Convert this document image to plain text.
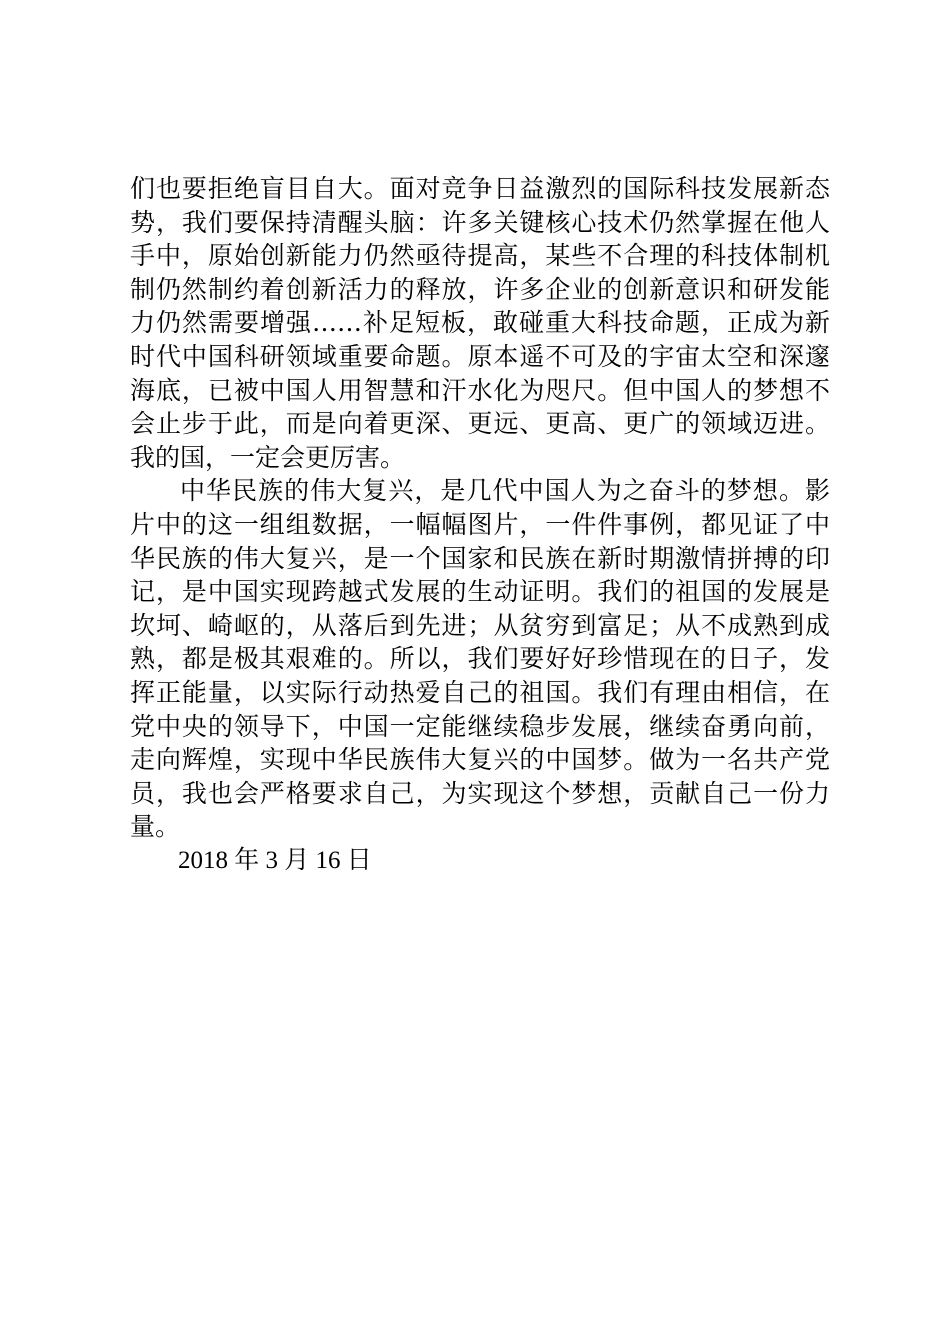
们也要拒绝盲目自大。面对竞争日益激烈的国际科技发展新态
势，我们要保持清醒头脑：许多关键核心技术仍然掌握在他人
手中，原始创新能力仍然亟待提高，某些不合理的科技体制机
制仍然制约着创新活力的释放，许多企业的创新意识和研发能
力仍然需要增强……补足短板，敢碰重大科技命题，正成为新
时代中国科研领域重要命题。原本遥不可及的宇宙太空和深邃
海底，已被中国人用智慧和汗水化为咫尺。但中国人的梦想不
会止步于此，而是向着更深、更远、更高、更广的领域迈进。
我的国，一定会更厉害。
中华民族的伟大复兴，是几代中国人为之奋斗的梦想。影
片中的这一组组数据，一幅幅图片，一件件事例，都见证了中
华民族的伟大复兴，是一个国家和民族在新时期激情拼搏的印
记，是中国实现跨越式发展的生动证明。我们的祖国的发展是
坎坷、崎岖的，从落后到先进；从贫穷到富足；从不成熟到成
熟，都是极其艰难的。所以，我们要好好珍惜现在的日子，发
挥正能量，以实际行动热爱自己的祖国。我们有理由相信，在
党中央的领导下，中国一定能继续稳步发展，继续奋勇向前，
走向辉煌，实现中华民族伟大复兴的中国梦。做为一名共产党
员，我也会严格要求自己，为实现这个梦想，贡献自己一份力
量。
2018 年 3 月 16 日
